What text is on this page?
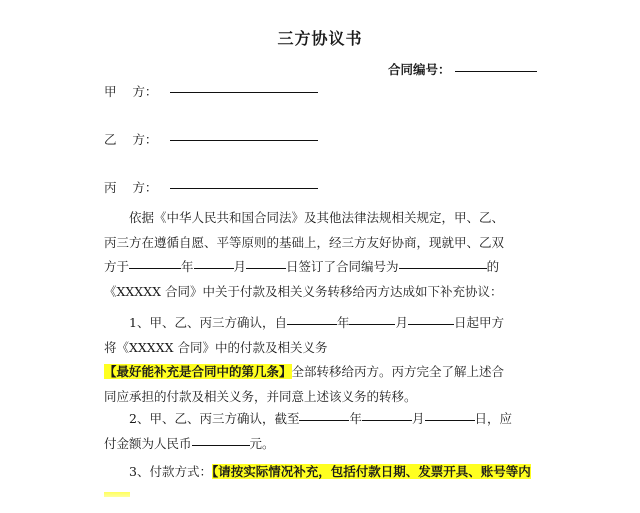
三方协议书
合同编号：
甲    方：
乙    方：
丙    方：
依据《中华人民共和国合同法》及其他法律法规相关规定，甲、乙、丙三方在遵循自愿、平等原则的基础上，经三方友好协商，现就甲、乙双方于	年	月	日签订了合同编号为	的《XXXXX 合同》中关于付款及相关义务转移给丙方达成如下补充协议：
1、甲、乙、丙三方确认，自	年	月	日起甲方将《XXXXX 合同》中的付款及相关义务【最好能补充是合同中的第几条】全部转移给丙方。丙方完全了解上述合同应承担的付款及相关义务，并同意上述该义务的转移。
2、甲、乙、丙三方确认，截至	年	月	日，应付金额为人民币	元。
3、付款方式：【请按实际情况补充，包括付款日期、发票开具、账号等内
